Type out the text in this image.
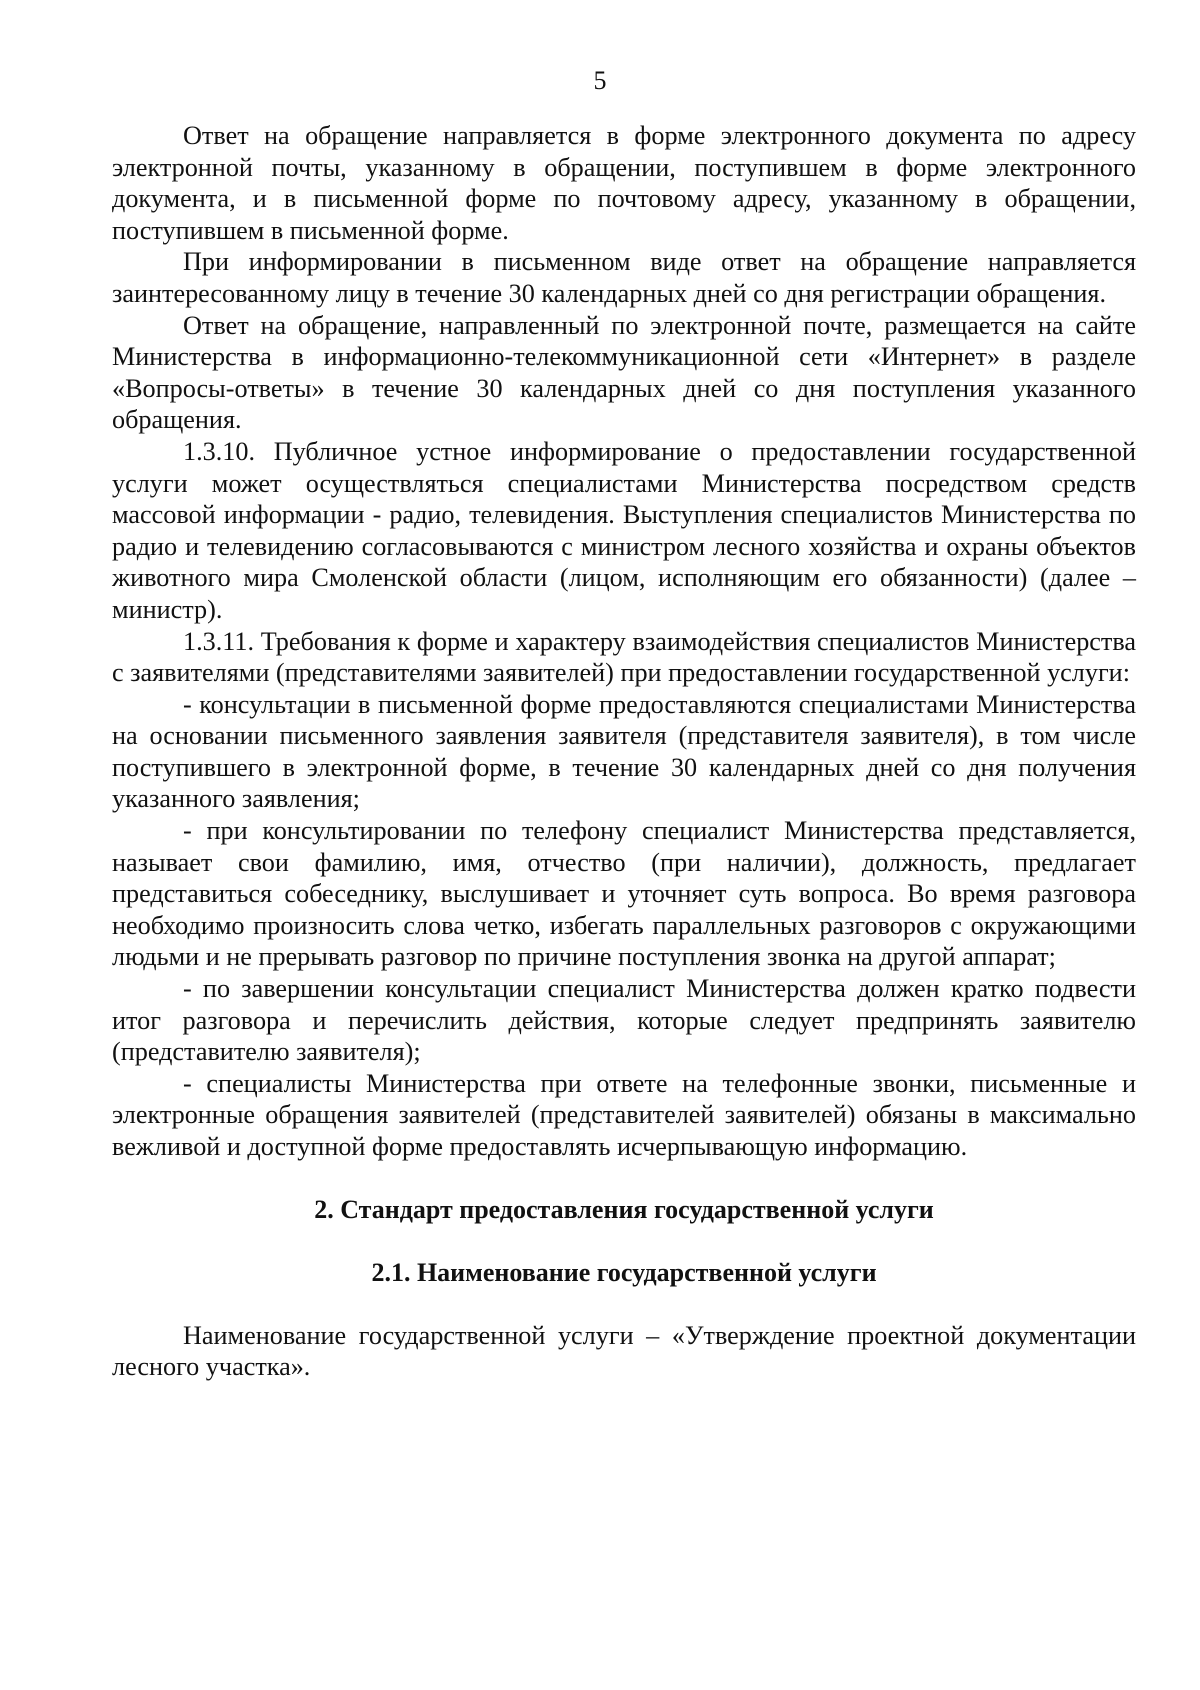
5

Ответ на обращение направляется в форме электронного документа по адресу электронной почты, указанному в обращении, поступившем в форме электронного документа, и в письменной форме по почтовому адресу, указанному в обращении, поступившем в письменной форме.

При информировании в письменном виде ответ на обращение направляется заинтересованному лицу в течение 30 календарных дней со дня регистрации обращения.

Ответ на обращение, направленный по электронной почте, размещается на сайте Министерства в информационно-телекоммуникационной сети «Интернет» в разделе «Вопросы-ответы» в течение 30 календарных дней со дня поступления указанного обращения.

1.3.10. Публичное устное информирование о предоставлении государственной услуги может осуществляться специалистами Министерства посредством средств массовой информации - радио, телевидения. Выступления специалистов Министерства по радио и телевидению согласовываются с министром лесного хозяйства и охраны объектов животного мира Смоленской области (лицом, исполняющим его обязанности) (далее – министр).

1.3.11. Требования к форме и характеру взаимодействия специалистов Министерства с заявителями (представителями заявителей) при предоставлении государственной услуги:

- консультации в письменной форме предоставляются специалистами Министерства на основании письменного заявления заявителя (представителя заявителя), в том числе поступившего в электронной форме, в течение 30 календарных дней со дня получения указанного заявления;

- при консультировании по телефону специалист Министерства представляется, называет свои фамилию, имя, отчество (при наличии), должность, предлагает представиться собеседнику, выслушивает и уточняет суть вопроса. Во время разговора необходимо произносить слова четко, избегать параллельных разговоров с окружающими людьми и не прерывать разговор по причине поступления звонка на другой аппарат;

- по завершении консультации специалист Министерства должен кратко подвести итог разговора и перечислить действия, которые следует предпринять заявителю (представителю заявителя);

- специалисты Министерства при ответе на телефонные звонки, письменные и электронные обращения заявителей (представителей заявителей) обязаны в максимально вежливой и доступной форме предоставлять исчерпывающую информацию.

2. Стандарт предоставления государственной услуги

2.1. Наименование государственной услуги

Наименование государственной услуги – «Утверждение проектной документации лесного участка».
